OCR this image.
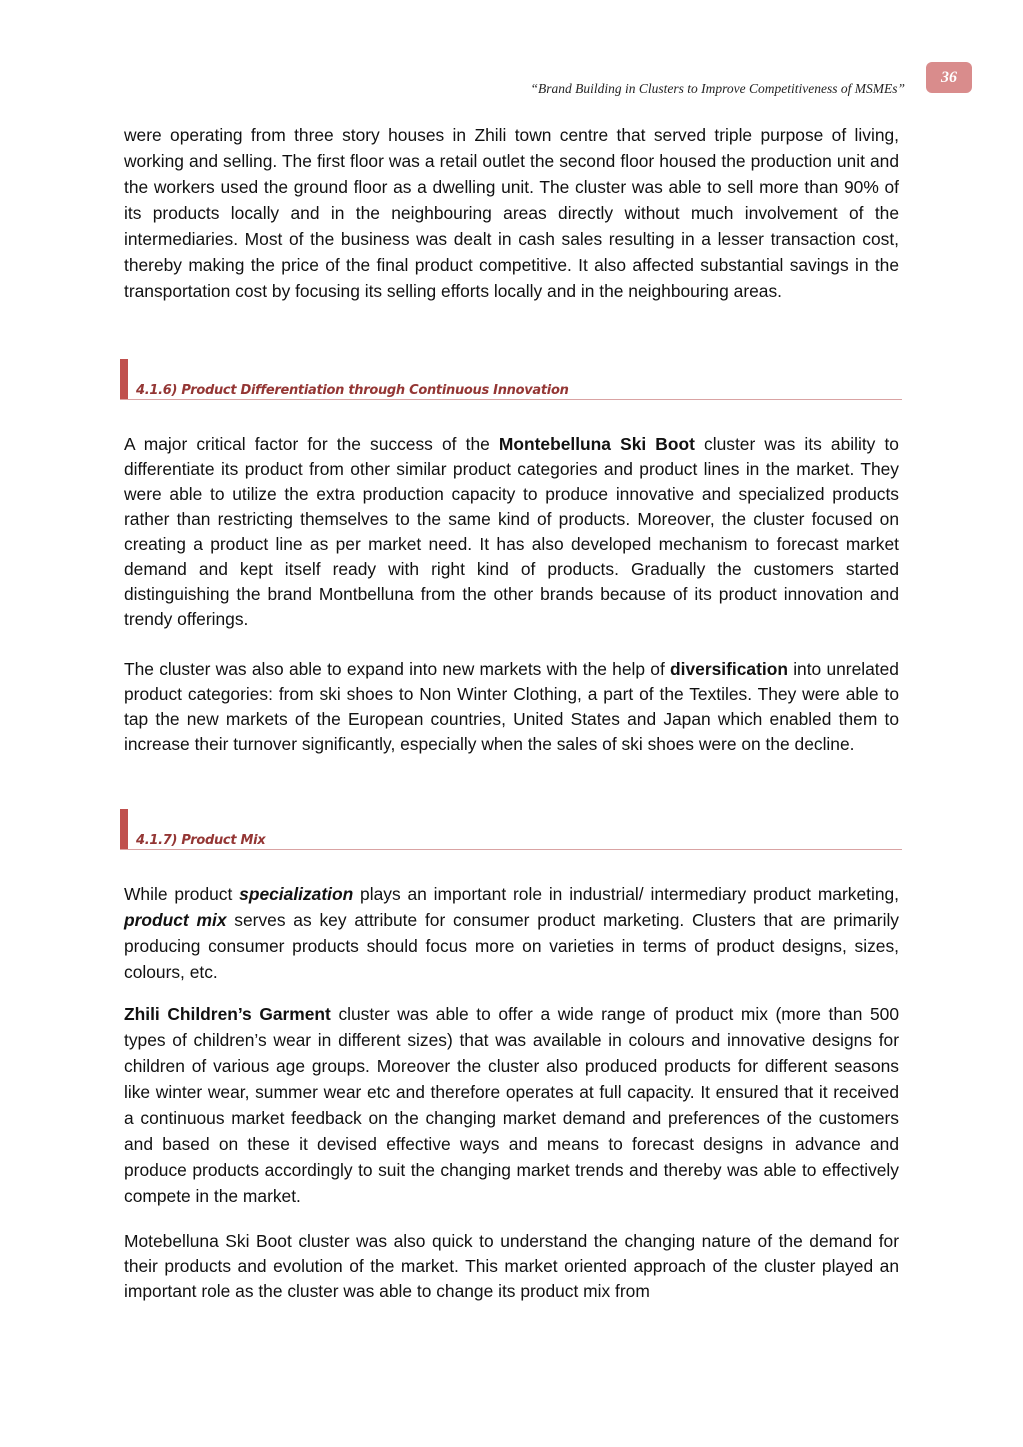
36
“Brand Building in Clusters to Improve Competitiveness of MSMEs”

were operating from three story houses in Zhili town centre that served triple purpose of living, working and selling. The first floor was a retail outlet the second floor housed the production unit and the workers used the ground floor as a dwelling unit. The cluster was able to sell more than 90% of its products locally and in the neighbouring areas directly without much involvement of the intermediaries. Most of the business was dealt in cash sales resulting in a lesser transaction cost, thereby making the price of the final product competitive. It also affected substantial savings in the transportation cost by focusing its selling efforts locally and in the neighbouring areas.

4.1.6) Product Differentiation through Continuous Innovation

A major critical factor for the success of the Montebelluna Ski Boot cluster was its ability to differentiate its product from other similar product categories and product lines in the market. They were able to utilize the extra production capacity to produce innovative and specialized products rather than restricting themselves to the same kind of products. Moreover, the cluster focused on creating a product line as per market need. It has also developed mechanism to forecast market demand and kept itself ready with right kind of products. Gradually the customers started distinguishing the brand Montbelluna from the other brands because of its product innovation and trendy offerings.

The cluster was also able to expand into new markets with the help of diversification into unrelated product categories: from ski shoes to Non Winter Clothing, a part of the Textiles. They were able to tap the new markets of the European countries, United States and Japan which enabled them to increase their turnover significantly, especially when the sales of ski shoes were on the decline.

4.1.7) Product Mix

While product specialization plays an important role in industrial/ intermediary product marketing, product mix serves as key attribute for consumer product marketing. Clusters that are primarily producing consumer products should focus more on varieties in terms of product designs, sizes, colours, etc.

Zhili Children’s Garment cluster was able to offer a wide range of product mix (more than 500 types of children’s wear in different sizes) that was available in colours and innovative designs for children of various age groups. Moreover the cluster also produced products for different seasons like winter wear, summer wear etc and therefore operates at full capacity. It ensured that it received a continuous market feedback on the changing market demand and preferences of the customers and based on these it devised effective ways and means to forecast designs in advance and produce products accordingly to suit the changing market trends and thereby was able to effectively compete in the market.

Motebelluna Ski Boot cluster was also quick to understand the changing nature of the demand for their products and evolution of the market. This market oriented approach of the cluster played an important role as the cluster was able to change its product mix from
